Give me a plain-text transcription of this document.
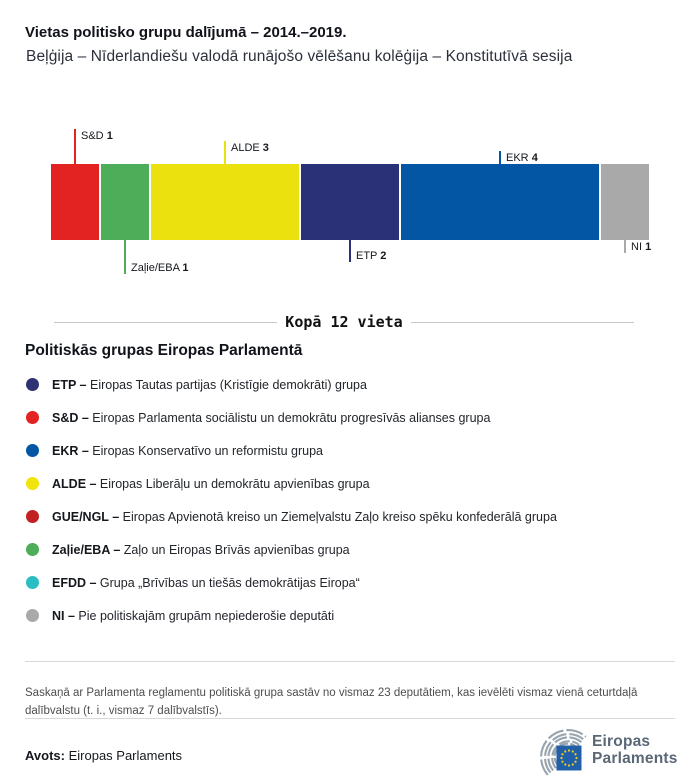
Vietas politisko grupu dalījumā – 2014.–2019.
Beļģija – Nīderlandiešu valodā runājošo vēlēšanu kolēģija – Konstitutīvā sesija
S&D 1
Zaļie/EBA 1
ALDE 3
ETP 2
EKR 4
NI 1
Kopā 12 vieta
Politiskās grupas Eiropas Parlamentā
ETP – Eiropas Tautas partijas (Kristīgie demokrāti) grupa
S&D – Eiropas Parlamenta sociālistu un demokrātu progresīvās alianses grupa
EKR – Eiropas Konservatīvo un reformistu grupa
ALDE – Eiropas Liberāļu un demokrātu apvienības grupa
GUE/NGL – Eiropas Apvienotā kreiso un Ziemeļvalstu Zaļo kreiso spēku konfederālā grupa
Zaļie/EBA – Zaļo un Eiropas Brīvās apvienības grupa
EFDD – Grupa „Brīvības un tiešās demokrātijas Eiropa“
NI – Pie politiskajām grupām nepiederošie deputāti

Saskaņā ar Parlamenta reglamentu politiskā grupa sastāv no vismaz 23 deputātiem, kas ievēlēti vismaz vienā ceturtdaļā dalībvalstu (t. i., vismaz 7 dalībvalstīs).

Avots: Eiropas Parlaments
Eiropas
Parlaments
